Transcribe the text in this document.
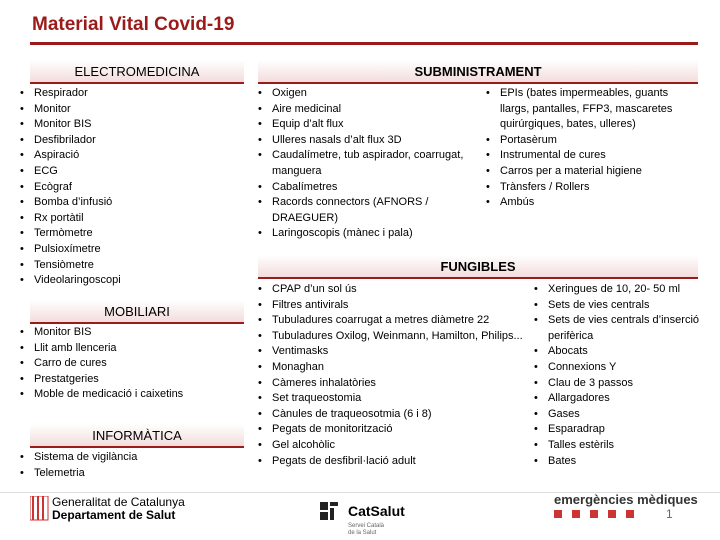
Material Vital Covid-19
ELECTROMEDICINA
• Respirador
• Monitor
• Monitor BIS
• Desfibrilador
• Aspiració
• ECG
• Ecògraf
• Bomba d’infusió
• Rx portàtil
• Termòmetre
• Pulsioxímetre
• Tensiòmetre
• Videolaringoscopi
MOBILIARI
• Monitor BIS
• Llit amb llenceria
• Carro de cures
• Prestatgeries
• Moble de medicació i caixetins
INFORMÀTICA
• Sistema de vigilància
• Telemetria
SUBMINISTRAMENT
• Oxigen
• Aire medicinal
• Equip d’alt flux
• Ulleres nasals d’alt flux 3D
• Caudalímetre, tub aspirador, coarrugat, manguera
• Cabalímetres
• Racords connectors (AFNORS / DRAEGUER)
• Laringoscopis (mànec i pala)
• EPIs (bates impermeables, guants llargs, pantalles, FFP3, mascaretes quirúrgiques, bates, ulleres)
• Portasèrum
• Instrumental de cures
• Carros per a material higiene
• Trànsfers / Rollers
• Ambús
FUNGIBLES
• CPAP d’un sol ús
• Filtres antivirals
• Tubuladures coarrugat a metres diàmetre 22
• Tubuladures Oxilog, Weinmann, Hamilton, Philips...
• Ventimasks
• Monaghan
• Càmeres inhalatòries
• Set traqueostomia
• Cànules de traqueosotmia (6 i 8)
• Pegats de monitorització
• Gel alcohòlic
• Pegats de desfibril·lació adult
• Xeringues de 10, 20- 50 ml
• Sets de vies centrals
• Sets de vies centrals d’inserció perifèrica
• Abocats
• Connexions Y
• Clau de 3 passos
• Allargadores
• Gases
• Esparadrap
• Talles estèrils
• Bates
Generalitat de Catalunya
Departament de Salut	CatSalut
Servei Català
de la Salut
emergències mèdiques
1
